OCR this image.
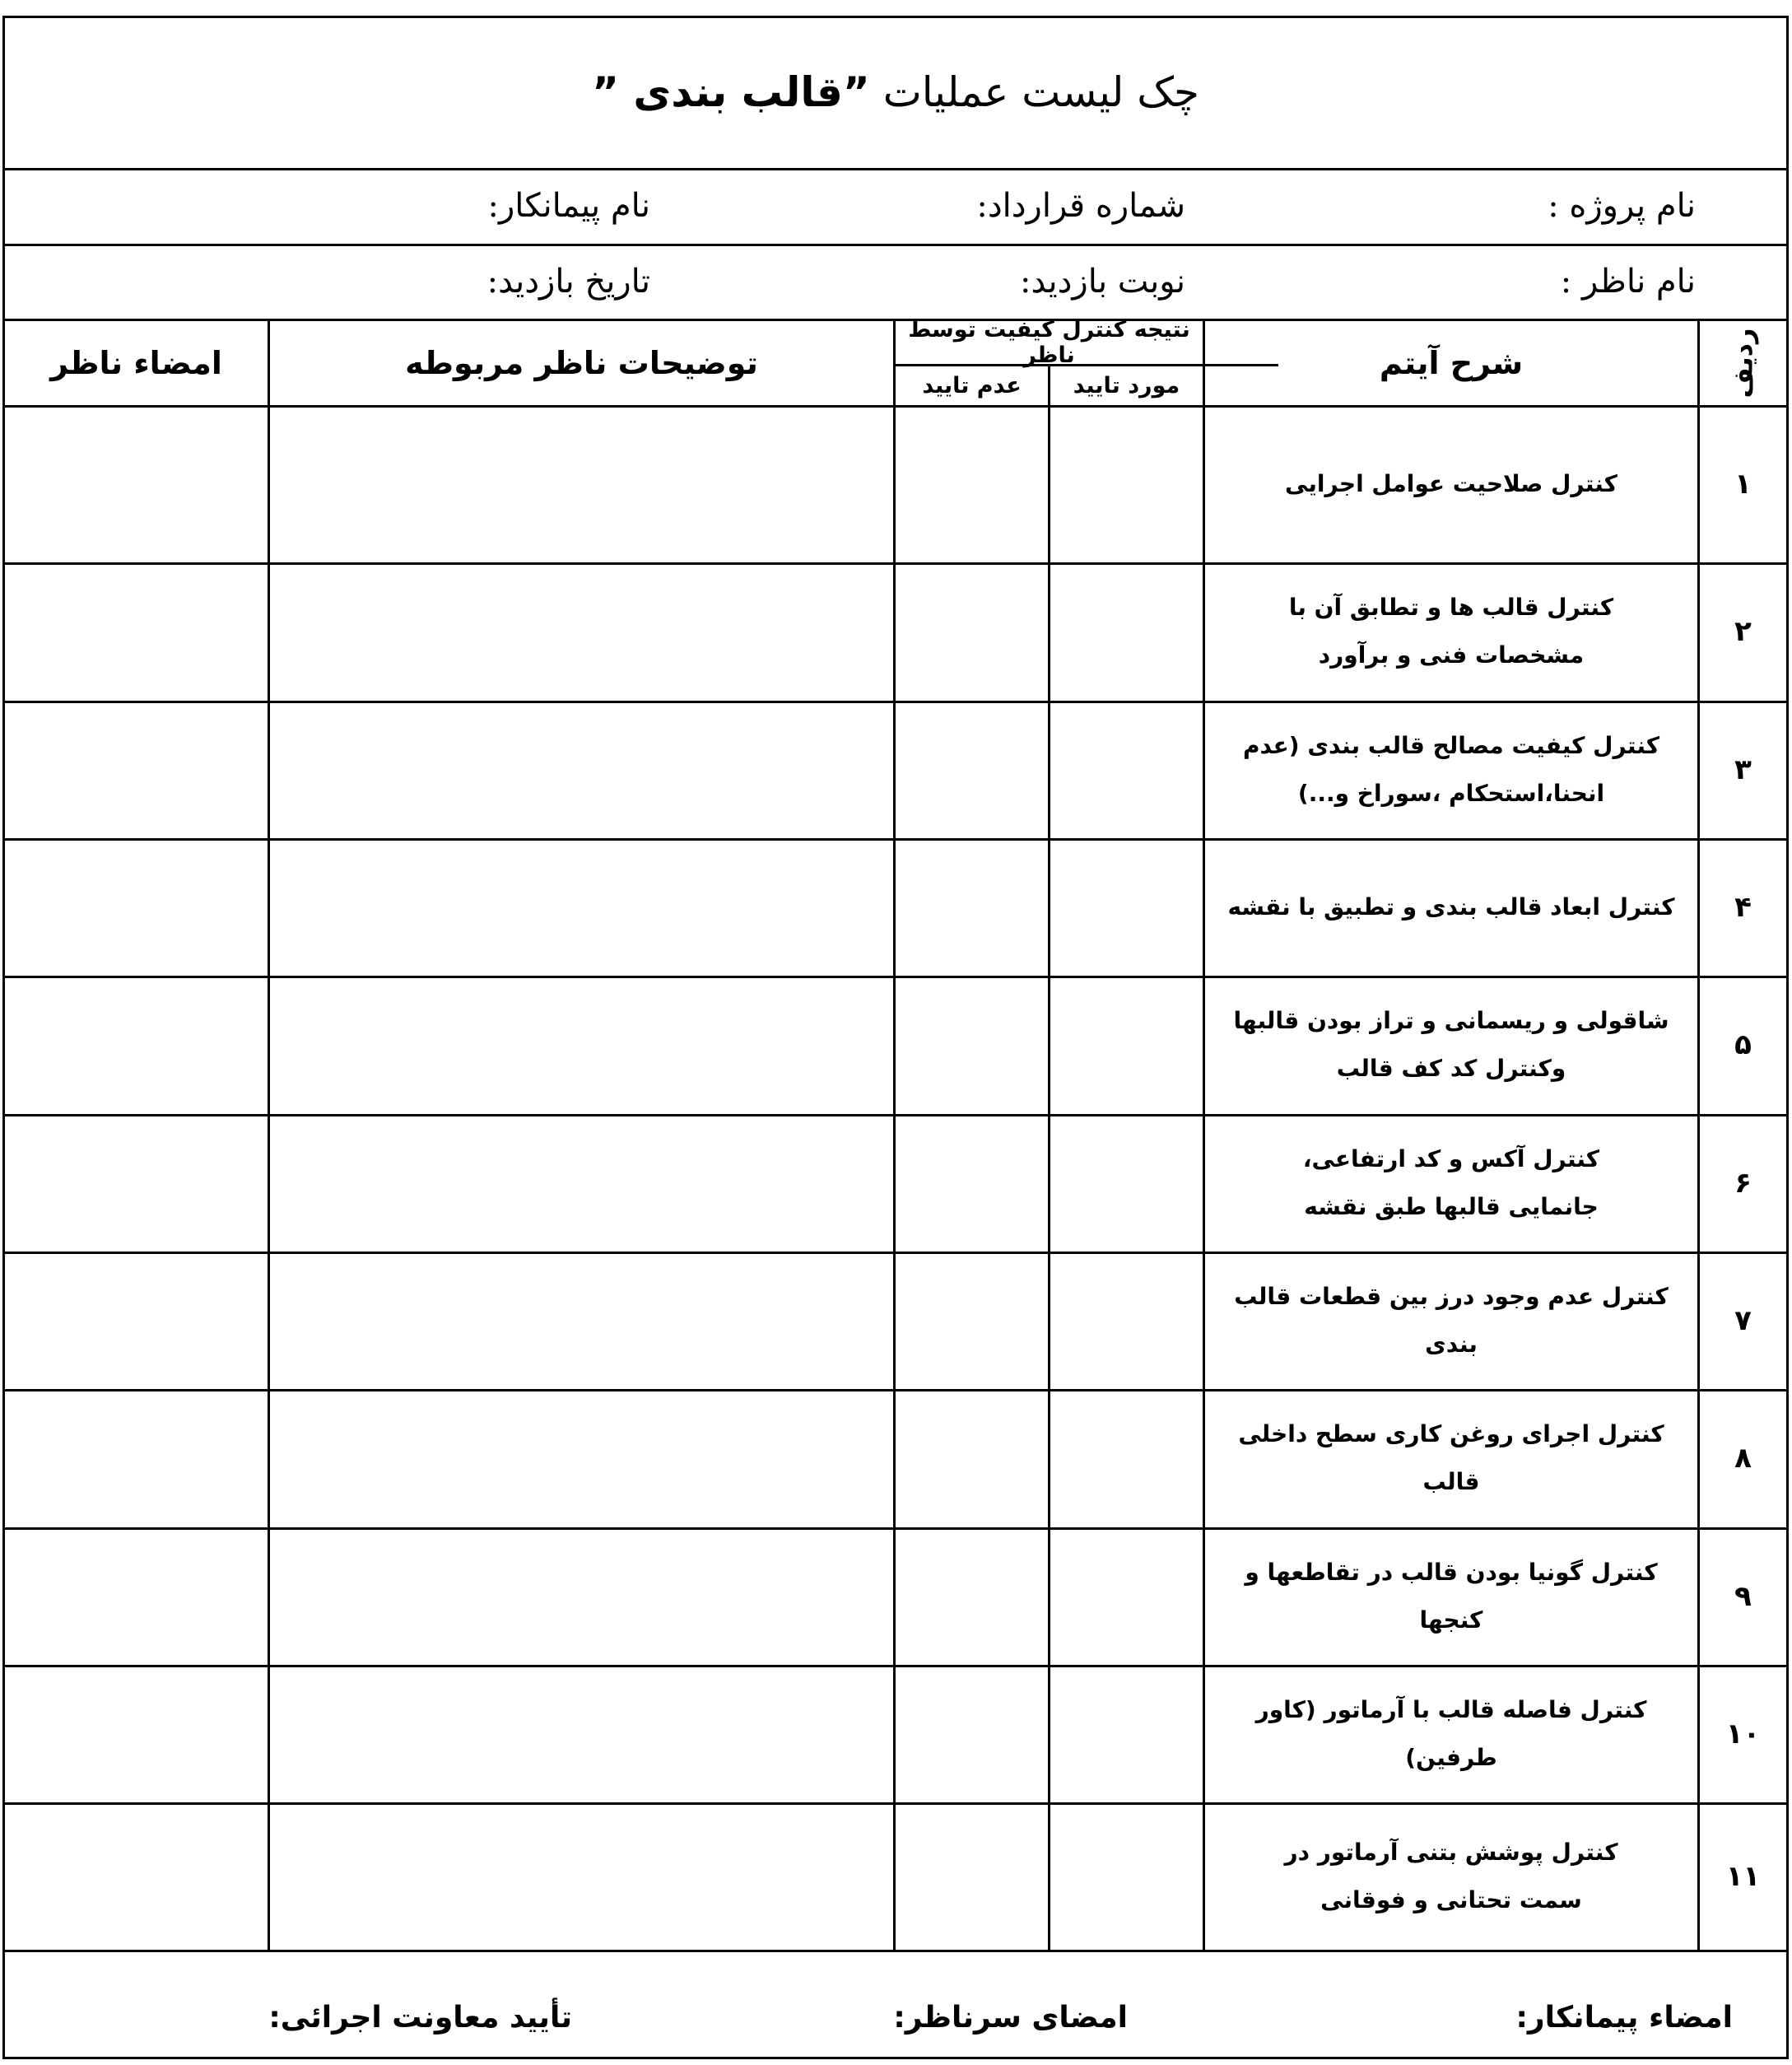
چک لیست عملیات ”قالب بندی ”
نام پروژه :
شماره قرارداد:
نام پیمانکار:
نام ناظر :
نوبت بازدید:
تاریخ بازدید:
ردیف
شرح آیتم
نتیجه کنترل کیفیت توسط ناظر
مورد تایید
عدم تایید
توضیحات ناظر مربوطه
امضاء ناظر
۱
کنترل صلاحیت عوامل اجرایی
۲
کنترل قالب ها و تطابق آن با
مشخصات فنی و برآورد
۳
کنترل کیفیت مصالح قالب بندی (عدم
انحنا،استحکام ،سوراخ و...)
۴
کنترل ابعاد قالب بندی و تطبیق با نقشه
۵
شاقولی و ریسمانی و تراز بودن قالبها
وکنترل کد کف قالب
۶
کنترل آکس و کد ارتفاعی،
جانمایی قالبها طبق نقشه
۷
کنترل عدم وجود درز بین قطعات قالب بندی
۸
کنترل اجرای روغن کاری سطح داخلی قالب
۹
کنترل گونیا بودن قالب در تقاطعها و کنجها
۱۰
کنترل فاصله قالب با آرماتور (کاور طرفین)
۱۱
کنترل پوشش بتنی آرماتور در
سمت تحتانی و فوقانی
امضاء پیمانکار:
امضای سرناظر:
تأیید معاونت اجرائی:
